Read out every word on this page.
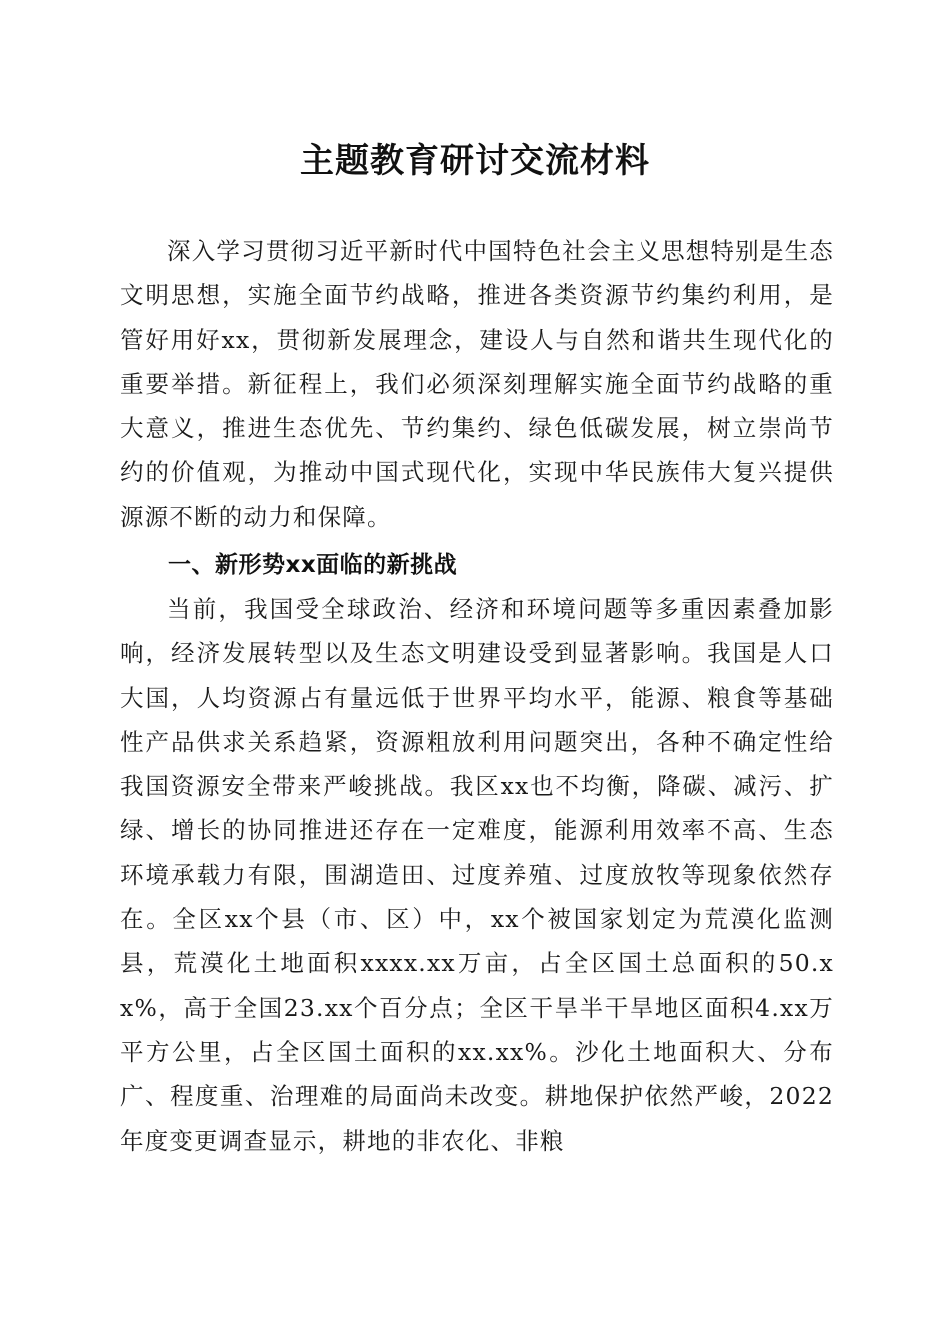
主题教育研讨交流材料

深入学习贯彻习近平新时代中国特色社会主义思想特别是生态文明思想，实施全面节约战略，推进各类资源节约集约利用，是管好用好xx，贯彻新发展理念，建设人与自然和谐共生现代化的重要举措。新征程上，我们必须深刻理解实施全面节约战略的重大意义，推进生态优先、节约集约、绿色低碳发展，树立崇尚节约的价值观，为推动中国式现代化，实现中华民族伟大复兴提供源源不断的动力和保障。

一、新形势xx面临的新挑战

当前，我国受全球政治、经济和环境问题等多重因素叠加影响，经济发展转型以及生态文明建设受到显著影响。我国是人口大国，人均资源占有量远低于世界平均水平，能源、粮食等基础性产品供求关系趋紧，资源粗放利用问题突出，各种不确定性给我国资源安全带来严峻挑战。我区xx也不均衡，降碳、减污、扩绿、增长的协同推进还存在一定难度，能源利用效率不高、生态环境承载力有限，围湖造田、过度养殖、过度放牧等现象依然存在。全区xx个县（市、区）中，xx个被国家划定为荒漠化监测县，荒漠化土地面积xxxx.xx万亩，占全区国土总面积的50.xx%，高于全国23.xx个百分点；全区干旱半干旱地区面积4.xx万平方公里，占全区国土面积的xx.xx%。沙化土地面积大、分布广、程度重、治理难的局面尚未改变。耕地保护依然严峻，2022年度变更调查显示，耕地的非农化、非粮
